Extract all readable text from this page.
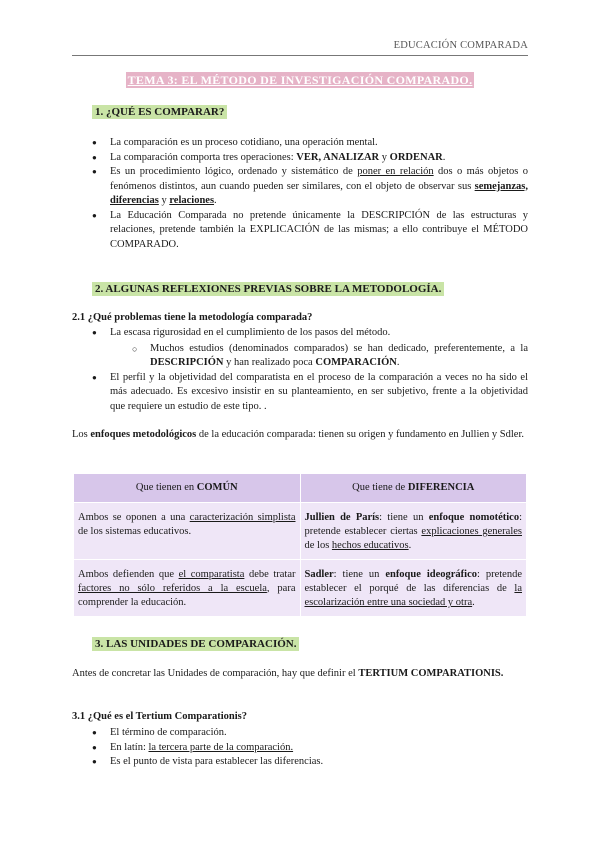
EDUCACIÓN COMPARADA
TEMA 3: EL MÉTODO DE INVESTIGACIÓN COMPARADO.
1. ¿QUÉ ES COMPARAR?
● La comparación es un proceso cotidiano, una operación mental.
● La comparación comporta tres operaciones: VER, ANALIZAR y ORDENAR.
● Es un procedimiento lógico, ordenado y sistemático de poner en relación dos o más objetos o fenómenos distintos, aun cuando pueden ser similares, con el objeto de observar sus semejanzas, diferencias y relaciones.
● La Educación Comparada no pretende únicamente la DESCRIPCIÓN de las estructuras y relaciones, pretende también la EXPLICACIÓN de las mismas; a ello contribuye el MÉTODO COMPARADO.
2. ALGUNAS REFLEXIONES PREVIAS SOBRE LA METODOLOGÍA.
2.1 ¿Qué problemas tiene la metodología comparada?
● La escasa rigurosidad en el cumplimiento de los pasos del método.
○ Muchos estudios (denominados comparados) se han dedicado, preferentemente, a la DESCRIPCIÓN y han realizado poca COMPARACIÓN.
● El perfil y la objetividad del comparatista en el proceso de la comparación a veces no ha sido el más adecuado. Es excesivo insistir en su planteamiento, en ser subjetivo, frente a la objetividad que requiere un estudio de este tipo. .

Los enfoques metodológicos de la educación comparada: tienen su origen y fundamento en Jullien y Sdler.

Que tienen en COMÚN	Que tiene de DIFERENCIA
Ambos se oponen a una caracterización simplista de los sistemas educativos.	Jullien de París: tiene un enfoque nomotético: pretende establecer ciertas explicaciones generales de los hechos educativos.
Ambos defienden que el comparatista debe tratar factores no sólo referidos a la escuela, para comprender la educación.	Sadler: tiene un enfoque ideográfico: pretende establecer el porqué de las diferencias de la escolarización entre una sociedad y otra.
3. LAS UNIDADES DE COMPARACIÓN.

Antes de concretar las Unidades de comparación, hay que definir el TERTIUM COMPARATIONIS.

3.1 ¿Qué es el Tertium Comparationis?
● El término de comparación.
● En latín: la tercera parte de la comparación.
● Es el punto de vista para establecer las diferencias.
